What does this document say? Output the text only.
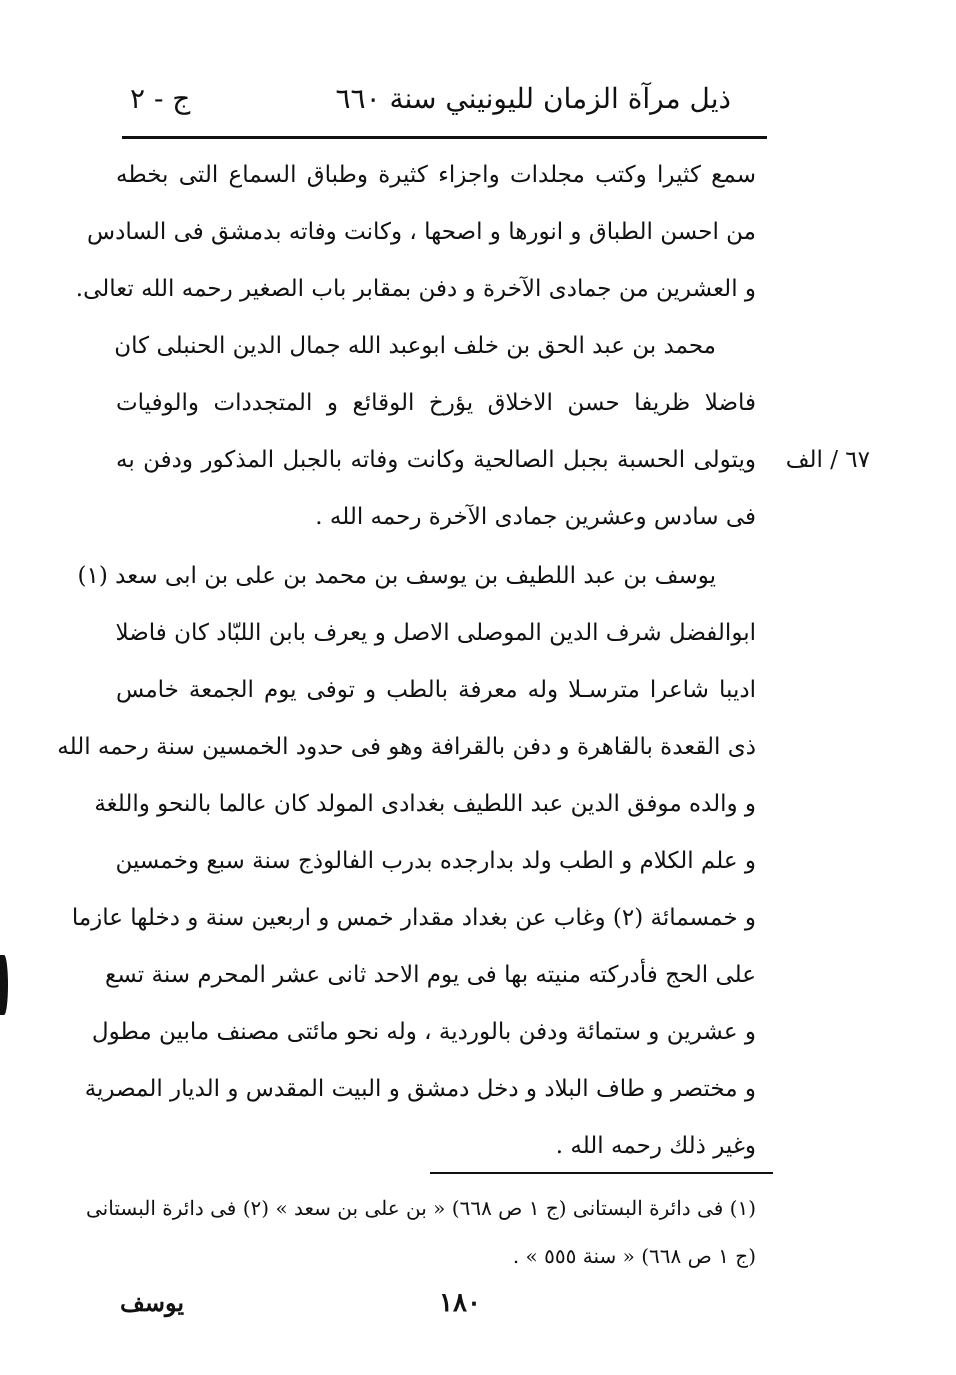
ذيل مرآة الزمان لليونيني سنة ٦٦٠
ج - ٢
سمع كثيرا وكتب مجلدات واجزاء كثيرة وطباق السماع التى بخطه
من احسن الطباق و انورها و اصحها ، وكانت وفاته بدمشق فى السادس
و العشرين من جمادى الآخرة و دفن بمقابر باب الصغير رحمه الله تعالى.
محمد بن عبد الحق بن خلف ابوعبد الله جمال الدين الحنبلى كان
فاضلا ظريفا حسن الاخلاق يؤرخ الوقائع و المتجددات والوفيات
ويتولى الحسبة بجبل الصالحية وكانت وفاته بالجبل المذكور ودفن به
فى سادس وعشرين جمادى الآخرة رحمه الله .
يوسف بن عبد اللطيف بن يوسف بن محمد بن على بن ابى سعد (١)
ابوالفضل شرف الدين الموصلى الاصل و يعرف بابن اللبّاد كان فاضلا
اديبا شاعرا مترسـلا وله معرفة بالطب و توفى يوم الجمعة خامس
ذى القعدة بالقاهرة و دفن بالقرافة وهو فى حدود الخمسين سنة رحمه الله
و والده موفق الدين عبد اللطيف بغدادى المولد كان عالما بالنحو واللغة
و علم الكلام و الطب ولد بدارجده بدرب الفالوذج سنة سبع وخمسين
و خمسمائة (٢) وغاب عن بغداد مقدار خمس و اربعين سنة و دخلها عازما
على الحج فأدركته منيته بها فى يوم الاحد ثانى عشر المحرم سنة تسع
و عشرين و ستمائة ودفن بالوردية ، وله نحو مائتى مصنف مابين مطول
و مختصر و طاف البلاد و دخل دمشق و البيت المقدس و الديار المصرية
وغير ذلك رحمه الله .
٦٧ / الف
(١) فى دائرة البستانى (ج ١ ص ٦٦٨) « بن على بن سعد » (٢) فى دائرة البستانى
(ج ١ ص ٦٦٨) « سنة ٥٥٥ » .
١٨٠
يوسف
